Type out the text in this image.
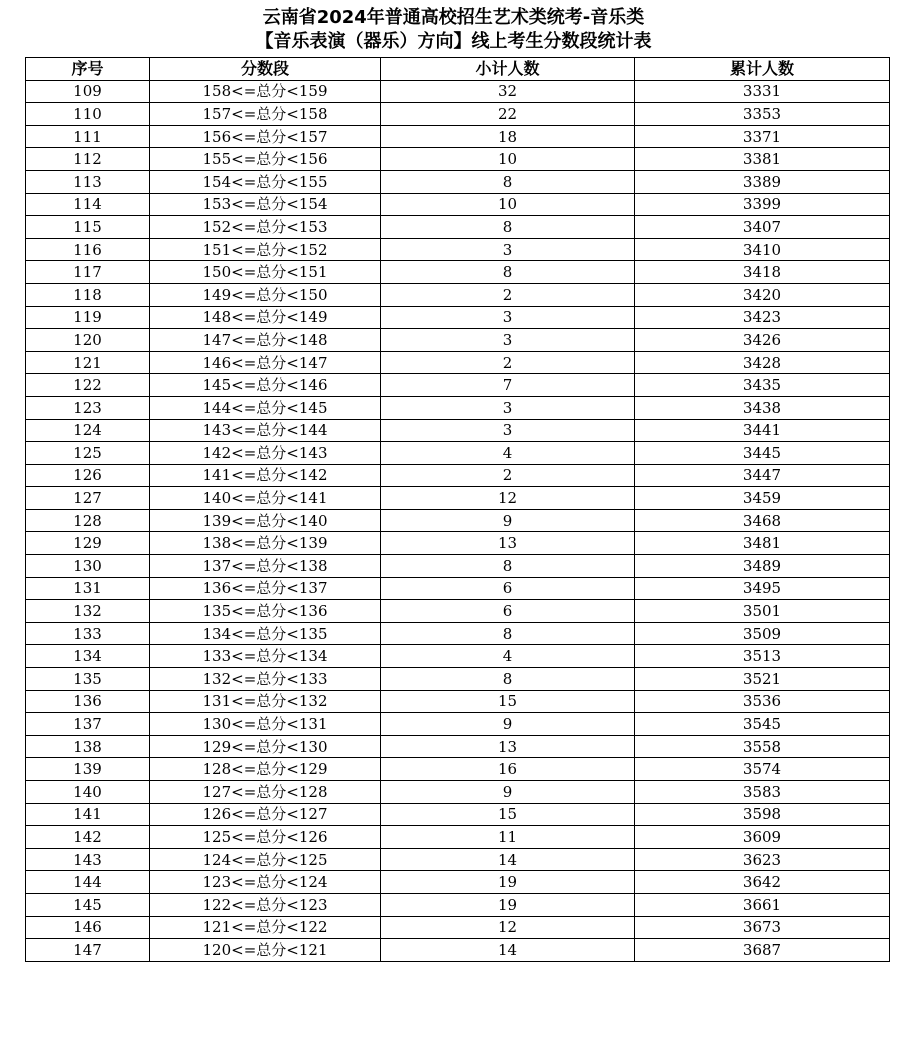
云南省2024年普通高校招生艺术类统考-音乐类
【音乐表演（器乐）方向】线上考生分数段统计表
序号	分数段	小计人数	累计人数
109	158<=总分<159	32	3331
110	157<=总分<158	22	3353
111	156<=总分<157	18	3371
112	155<=总分<156	10	3381
113	154<=总分<155	8	3389
114	153<=总分<154	10	3399
115	152<=总分<153	8	3407
116	151<=总分<152	3	3410
117	150<=总分<151	8	3418
118	149<=总分<150	2	3420
119	148<=总分<149	3	3423
120	147<=总分<148	3	3426
121	146<=总分<147	2	3428
122	145<=总分<146	7	3435
123	144<=总分<145	3	3438
124	143<=总分<144	3	3441
125	142<=总分<143	4	3445
126	141<=总分<142	2	3447
127	140<=总分<141	12	3459
128	139<=总分<140	9	3468
129	138<=总分<139	13	3481
130	137<=总分<138	8	3489
131	136<=总分<137	6	3495
132	135<=总分<136	6	3501
133	134<=总分<135	8	3509
134	133<=总分<134	4	3513
135	132<=总分<133	8	3521
136	131<=总分<132	15	3536
137	130<=总分<131	9	3545
138	129<=总分<130	13	3558
139	128<=总分<129	16	3574
140	127<=总分<128	9	3583
141	126<=总分<127	15	3598
142	125<=总分<126	11	3609
143	124<=总分<125	14	3623
144	123<=总分<124	19	3642
145	122<=总分<123	19	3661
146	121<=总分<122	12	3673
147	120<=总分<121	14	3687
